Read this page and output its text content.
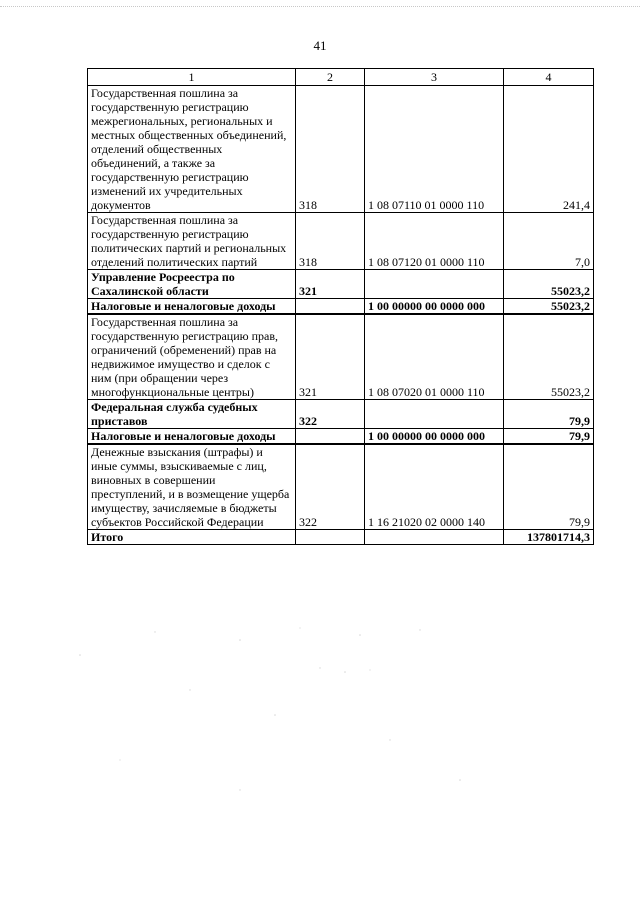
41
1	2	3	4
Государственная пошлина за государственную регистрацию межрегиональных, региональных и местных общественных объединений, отделений общественных объединений, а также за государственную регистрацию изменений их учредительных документов	318	1 08 07110 01 0000 110	241,4
Государственная пошлина за государственную регистрацию политических партий и региональных отделений политических партий	318	1 08 07120 01 0000 110	7,0
Управление Росреестра по Сахалинской области	321		55023,2
Налоговые и неналоговые доходы		1 00 00000 00 0000 000	55023,2
Государственная пошлина за государственную регистрацию прав, ограничений (обременений) прав на недвижимое имущество и сделок с ним (при обращении через многофункциональные центры)	321	1 08 07020 01 0000 110	55023,2
Федеральная служба судебных приставов	322		79,9
Налоговые и неналоговые доходы		1 00 00000 00 0000 000	79,9
Денежные взыскания (штрафы) и иные суммы, взыскиваемые с лиц, виновных в совершении преступлений, и в возмещение ущерба имуществу, зачисляемые в бюджеты субъектов Российской Федерации	322	1 16 21020 02 0000 140	79,9
Итого			137801714,3
